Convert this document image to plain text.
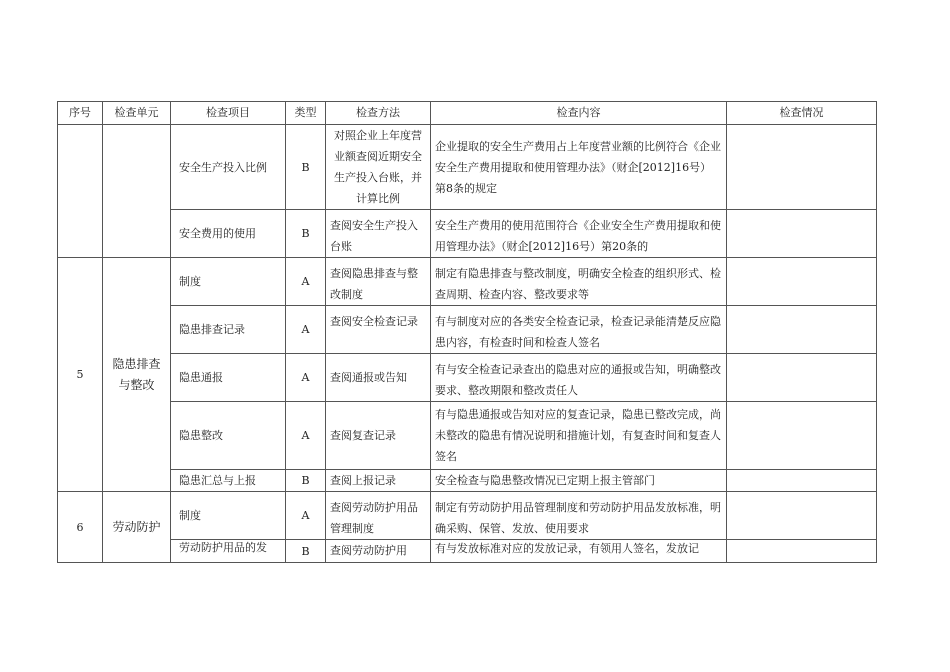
序号	检查单元	检查项目	类型	检查方法	检查内容	检查情况
		安全生产投入比例	B	对照企业上年度营业额查阅近期安全生产投入台账，并计算比例	企业提取的安全生产费用占上年度营业额的比例符合《企业安全生产费用提取和使用管理办法》（财企[2012]16号）第8条的规定	
		安全费用的使用	B	查阅安全生产投入台账	安全生产费用的使用范围符合《企业安全生产费用提取和使用管理办法》（财企[2012]16号）第20条的	
5	隐患排查与整改	制度	A	查阅隐患排查与整改制度	制定有隐患排查与整改制度，明确安全检查的组织形式、检查周期、检查内容、整改要求等	
		隐患排查记录	A	查阅安全检查记录	有与制度对应的各类安全检查记录，检查记录能清楚反应隐患内容，有检查时间和检查人签名	
		隐患通报	A	查阅通报或告知	有与安全检查记录查出的隐患对应的通报或告知，明确整改要求、整改期限和整改责任人	
		隐患整改	A	查阅复查记录	有与隐患通报或告知对应的复查记录，隐患已整改完成，尚未整改的隐患有情况说明和措施计划，有复查时间和复查人签名	
		隐患汇总与上报	B	查阅上报记录	安全检查与隐患整改情况已定期上报主管部门	
6	劳动防护	制度	A	查阅劳动防护用品管理制度	制定有劳动防护用品管理制度和劳动防护用品发放标准，明确采购、保管、发放、使用要求	

		劳动防护用品的发	B	查阅劳动防护用	有与发放标准对应的发放记录，有领用人签名，发放记	
